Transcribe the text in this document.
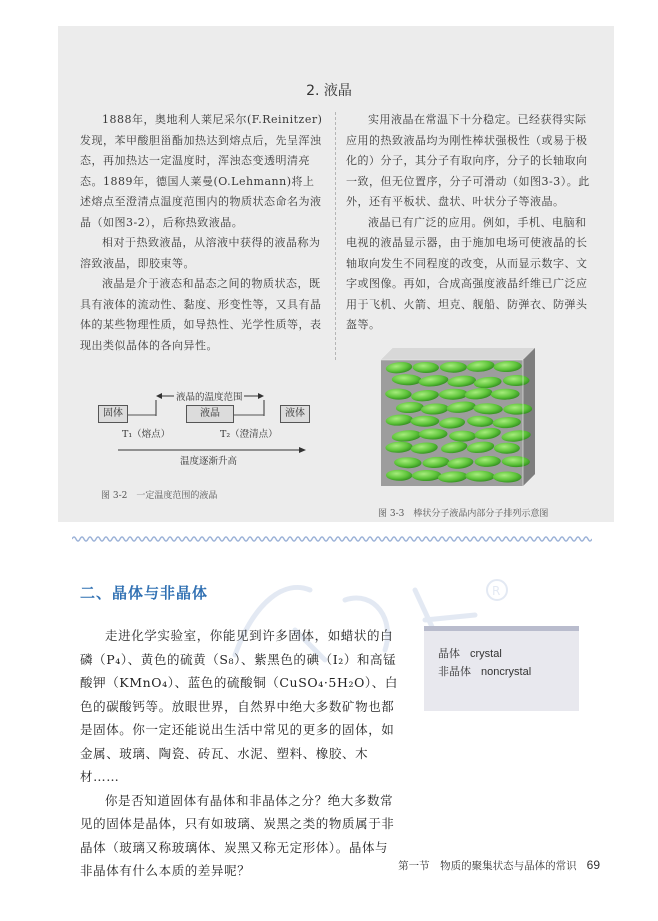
2. 液晶

1888年，奥地利人莱尼采尔(F.Reinitzer)发现，苯甲酸胆甾酯加热达到熔点后，先呈浑浊态，再加热达一定温度时，浑浊态变透明清亮态。1889年，德国人莱曼(O.Lehmann)将上述熔点至澄清点温度范围内的物质状态命名为液晶（如图3-2），后称热致液晶。

相对于热致液晶，从溶液中获得的液晶称为溶致液晶，即胶束等。

液晶是介于液态和晶态之间的物质状态，既具有液体的流动性、黏度、形变性等，又具有晶体的某些物理性质，如导热性、光学性质等，表现出类似晶体的各向异性。

实用液晶在常温下十分稳定。已经获得实际应用的热致液晶均为刚性棒状强极性（或易于极化的）分子，其分子有取向序，分子的长轴取向一致，但无位置序，分子可滑动（如图3-3）。此外，还有平板状、盘状、叶状分子等液晶。

液晶已有广泛的应用。例如，手机、电脑和电视的液晶显示器，由于施加电场可使液晶的长轴取向发生不同程度的改变，从而显示数字、文字或图像。再如，合成高强度液晶纤维已广泛应用于飞机、火箭、坦克、舰船、防弹衣、防弹头盔等。

液晶的温度范围
固体	液晶	液体
T₁（熔点）	T₂（澄清点）
温度逐渐升高
图 3-2　一定温度范围的液晶
图 3-3　棒状分子液晶内部分子排列示意图
R
二、晶体与非晶体

走进化学实验室，你能见到许多固体，如蜡状的白磷（P₄）、黄色的硫黄（S₈）、紫黑色的碘（I₂）和高锰酸钾（KMnO₄）、蓝色的硫酸铜（CuSO₄·5H₂O）、白色的碳酸钙等。放眼世界，自然界中绝大多数矿物也都是固体。你一定还能说出生活中常见的更多的固体，如金属、玻璃、陶瓷、砖瓦、水泥、塑料、橡胶、木材……

你是否知道固体有晶体和非晶体之分？绝大多数常见的固体是晶体，只有如玻璃、炭黑之类的物质属于非晶体（玻璃又称玻璃体、炭黑又称无定形体）。晶体与非晶体有什么本质的差异呢？

晶体 crystal
非晶体 noncrystal
第一节　物质的聚集状态与晶体的常识 69
